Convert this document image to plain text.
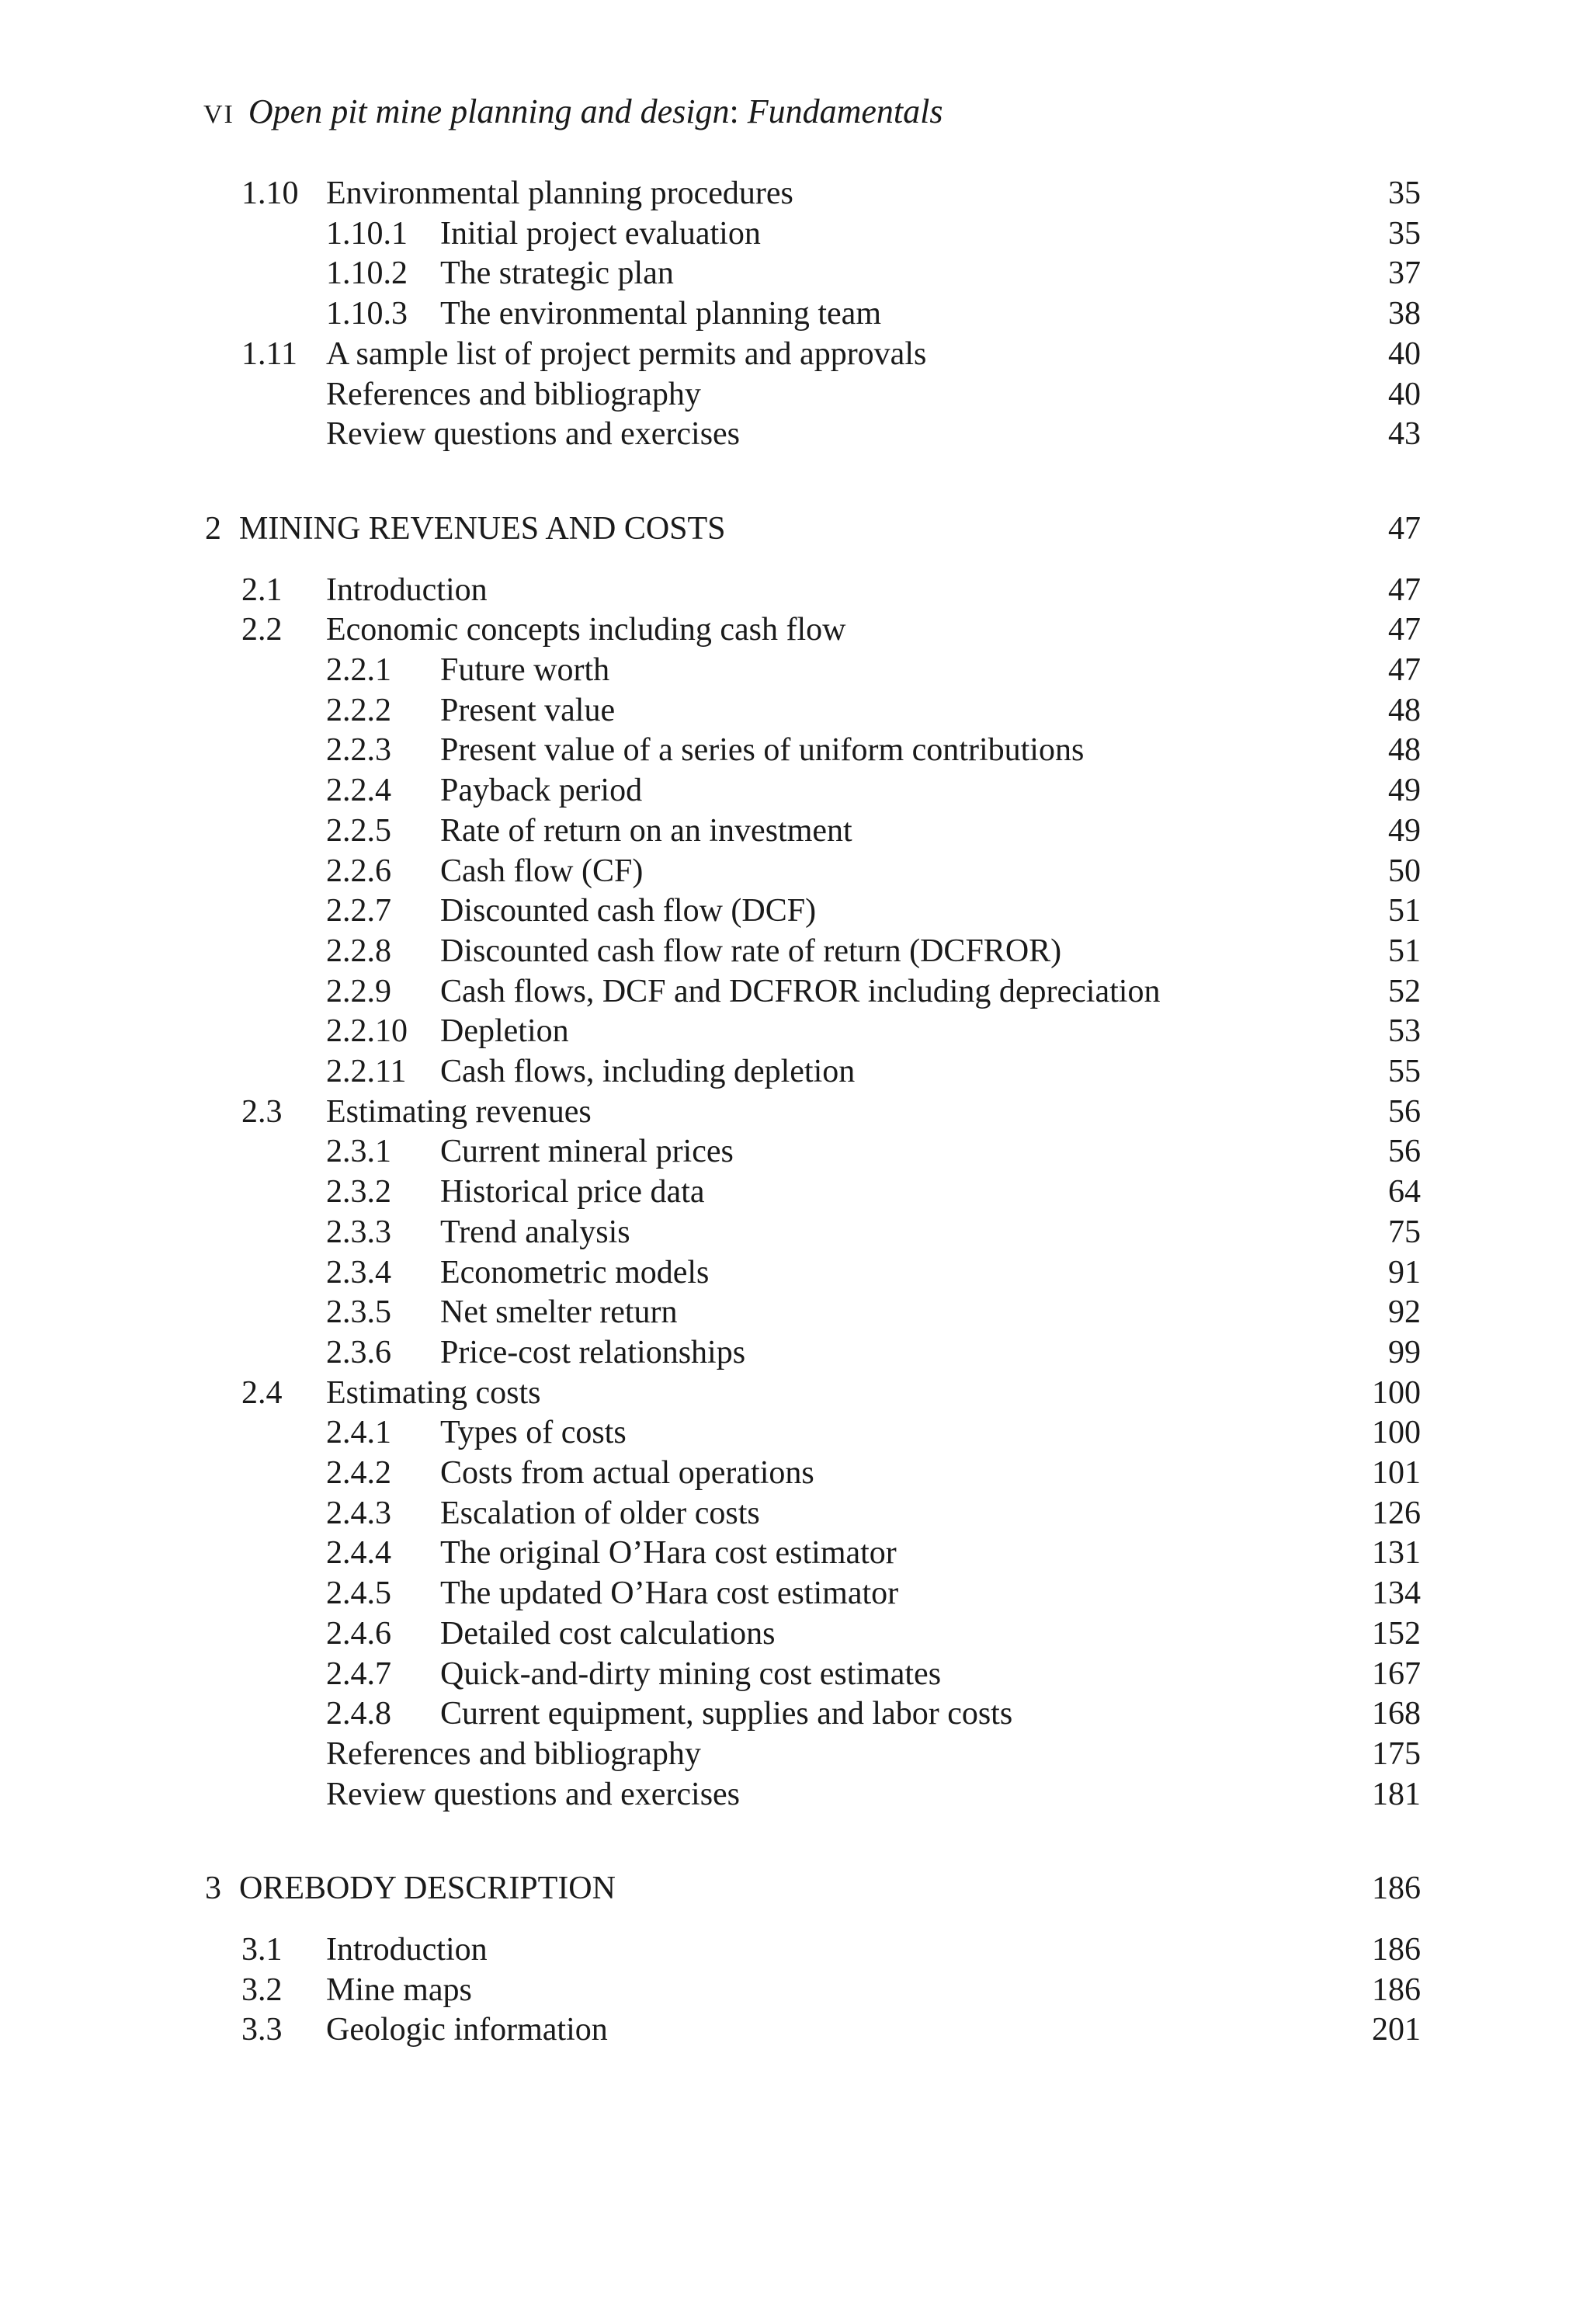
VI Open pit mine planning and design: Fundamentals
1.10 Environmental planning procedures	35
1.10.1 Initial project evaluation	35
1.10.2 The strategic plan	37
1.10.3 The environmental planning team	38
1.11 A sample list of project permits and approvals	40
References and bibliography	40
Review questions and exercises	43
2 MINING REVENUES AND COSTS	47
2.1 Introduction	47
2.2 Economic concepts including cash flow	47
2.2.1 Future worth	47
2.2.2 Present value	48
2.2.3 Present value of a series of uniform contributions	48
2.2.4 Payback period	49
2.2.5 Rate of return on an investment	49
2.2.6 Cash flow (CF)	50
2.2.7 Discounted cash flow (DCF)	51
2.2.8 Discounted cash flow rate of return (DCFROR)	51
2.2.9 Cash flows, DCF and DCFROR including depreciation	52
2.2.10 Depletion	53
2.2.11 Cash flows, including depletion	55
2.3 Estimating revenues	56
2.3.1 Current mineral prices	56
2.3.2 Historical price data	64
2.3.3 Trend analysis	75
2.3.4 Econometric models	91
2.3.5 Net smelter return	92
2.3.6 Price-cost relationships	99
2.4 Estimating costs	100
2.4.1 Types of costs	100
2.4.2 Costs from actual operations	101
2.4.3 Escalation of older costs	126
2.4.4 The original O’Hara cost estimator	131
2.4.5 The updated O’Hara cost estimator	134
2.4.6 Detailed cost calculations	152
2.4.7 Quick-and-dirty mining cost estimates	167
2.4.8 Current equipment, supplies and labor costs	168
References and bibliography	175
Review questions and exercises	181
3 OREBODY DESCRIPTION	186
3.1 Introduction	186
3.2 Mine maps	186
3.3 Geologic information	201
